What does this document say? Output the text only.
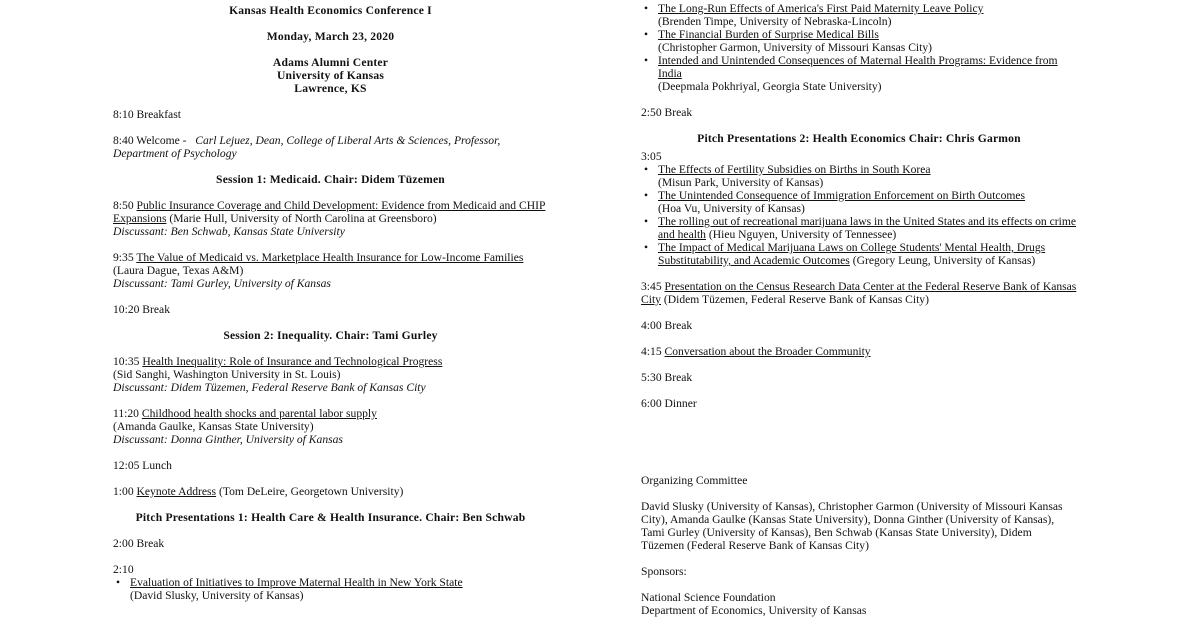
Kansas Health Economics Conference I

Monday, March 23, 2020

Adams Alumni Center

University of Kansas

Lawrence, KS

8:10 Breakfast

8:40 Welcome - Carl Lejuez, Dean, College of Liberal Arts & Sciences, Professor, Department of Psychology

Session 1: Medicaid. Chair: Didem Tüzemen

8:50 Public Insurance Coverage and Child Development: Evidence from Medicaid and CHIP Expansions (Marie Hull, University of North Carolina at Greensboro)

Discussant: Ben Schwab, Kansas State University

9:35 The Value of Medicaid vs. Marketplace Health Insurance for Low-Income Families

(Laura Dague, Texas A&M)

Discussant: Tami Gurley, University of Kansas

10:20 Break

Session 2: Inequality. Chair: Tami Gurley

10:35 Health Inequality: Role of Insurance and Technological Progress

(Sid Sanghi, Washington University in St. Louis)

Discussant: Didem Tüzemen, Federal Reserve Bank of Kansas City

11:20 Childhood health shocks and parental labor supply

(Amanda Gaulke, Kansas State University)

Discussant: Donna Ginther, University of Kansas

12:05 Lunch

1:00 Keynote Address (Tom DeLeire, Georgetown University)

Pitch Presentations 1: Health Care & Health Insurance. Chair: Ben Schwab

2:00 Break

2:10

• Evaluation of Initiatives to Improve Maternal Health in New York State
(David Slusky, University of Kansas)
• The Long-Run Effects of America's First Paid Maternity Leave Policy
(Brenden Timpe, University of Nebraska-Lincoln)
• The Financial Burden of Surprise Medical Bills
(Christopher Garmon, University of Missouri Kansas City)
• Intended and Unintended Consequences of Maternal Health Programs: Evidence from India
(Deepmala Pokhriyal, Georgia State University)

2:50 Break

Pitch Presentations 2: Health Economics Chair: Chris Garmon

3:05

• The Effects of Fertility Subsidies on Births in South Korea
(Misun Park, University of Kansas)
• The Unintended Consequence of Immigration Enforcement on Birth Outcomes
(Hoa Vu, University of Kansas)
• The rolling out of recreational marijuana laws in the United States and its effects on crime and health (Hieu Nguyen, University of Tennessee)
• The Impact of Medical Marijuana Laws on College Students' Mental Health, Drugs Substitutability, and Academic Outcomes (Gregory Leung, University of Kansas)

3:45 Presentation on the Census Research Data Center at the Federal Reserve Bank of Kansas City (Didem Tüzemen, Federal Reserve Bank of Kansas City)

4:00 Break

4:15 Conversation about the Broader Community

5:30 Break

6:00 Dinner

Organizing Committee

David Slusky (University of Kansas), Christopher Garmon (University of Missouri Kansas City), Amanda Gaulke (Kansas State University), Donna Ginther (University of Kansas), Tami Gurley (University of Kansas), Ben Schwab (Kansas State University), Didem Tüzemen (Federal Reserve Bank of Kansas City)

Sponsors:

National Science Foundation

Department of Economics, University of Kansas
